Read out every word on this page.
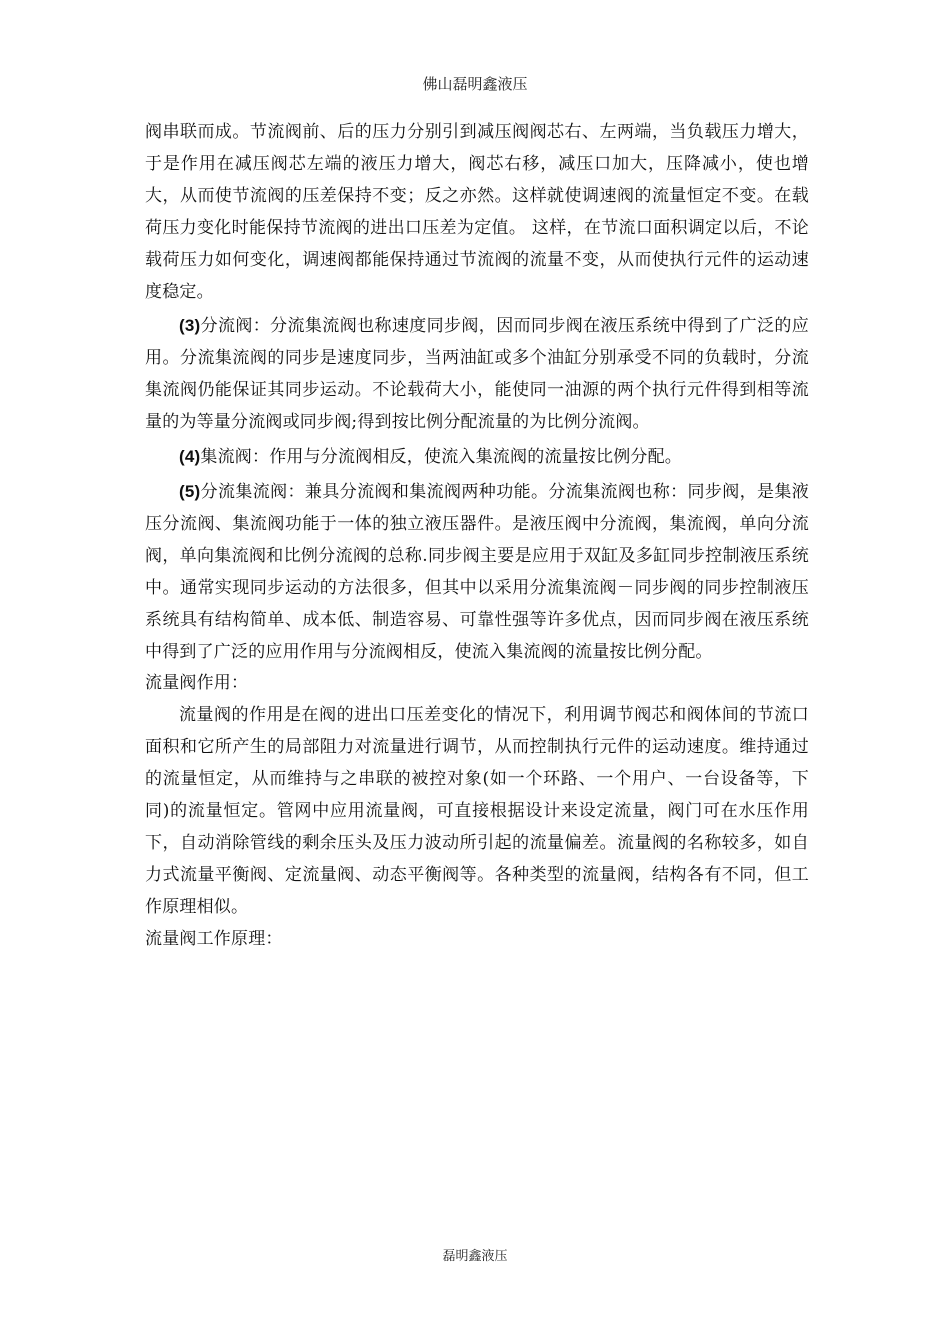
佛山磊明鑫液压

阀串联而成。节流阀前、后的压力分别引到减压阀阀芯右、左两端，当负载压力增大，于是作用在减压阀芯左端的液压力增大，阀芯右移，减压口加大，压降减小，使也增大，从而使节流阀的压差保持不变；反之亦然。这样就使调速阀的流量恒定不变。在载荷压力变化时能保持节流阀的进出口压差为定值。 这样，在节流口面积调定以后，不论载荷压力如何变化，调速阀都能保持通过节流阀的流量不变，从而使执行元件的运动速度稳定。

(3)分流阀：分流集流阀也称速度同步阀，因而同步阀在液压系统中得到了广泛的应用。分流集流阀的同步是速度同步，当两油缸或多个油缸分别承受不同的负载时，分流集流阀仍能保证其同步运动。不论载荷大小，能使同一油源的两个执行元件得到相等流量的为等量分流阀或同步阀;得到按比例分配流量的为比例分流阀。

(4)集流阀：作用与分流阀相反，使流入集流阀的流量按比例分配。

(5)分流集流阀：兼具分流阀和集流阀两种功能。分流集流阀也称：同步阀，是集液压分流阀、集流阀功能于一体的独立液压器件。是液压阀中分流阀，集流阀，单向分流阀，单向集流阀和比例分流阀的总称.同步阀主要是应用于双缸及多缸同步控制液压系统中。通常实现同步运动的方法很多，但其中以采用分流集流阀－同步阀的同步控制液压系统具有结构简单、成本低、制造容易、可靠性强等许多优点，因而同步阀在液压系统中得到了广泛的应用作用与分流阀相反，使流入集流阀的流量按比例分配。

流量阀作用：

流量阀的作用是在阀的进出口压差变化的情况下，利用调节阀芯和阀体间的节流口面积和它所产生的局部阻力对流量进行调节，从而控制执行元件的运动速度。维持通过的流量恒定，从而维持与之串联的被控对象(如一个环路、一个用户、一台设备等，下同)的流量恒定。管网中应用流量阀，可直接根据设计来设定流量，阀门可在水压作用下，自动消除管线的剩余压头及压力波动所引起的流量偏差。流量阀的名称较多，如自力式流量平衡阀、定流量阀、动态平衡阀等。各种类型的流量阀，结构各有不同，但工作原理相似。

流量阀工作原理：

磊明鑫液压
